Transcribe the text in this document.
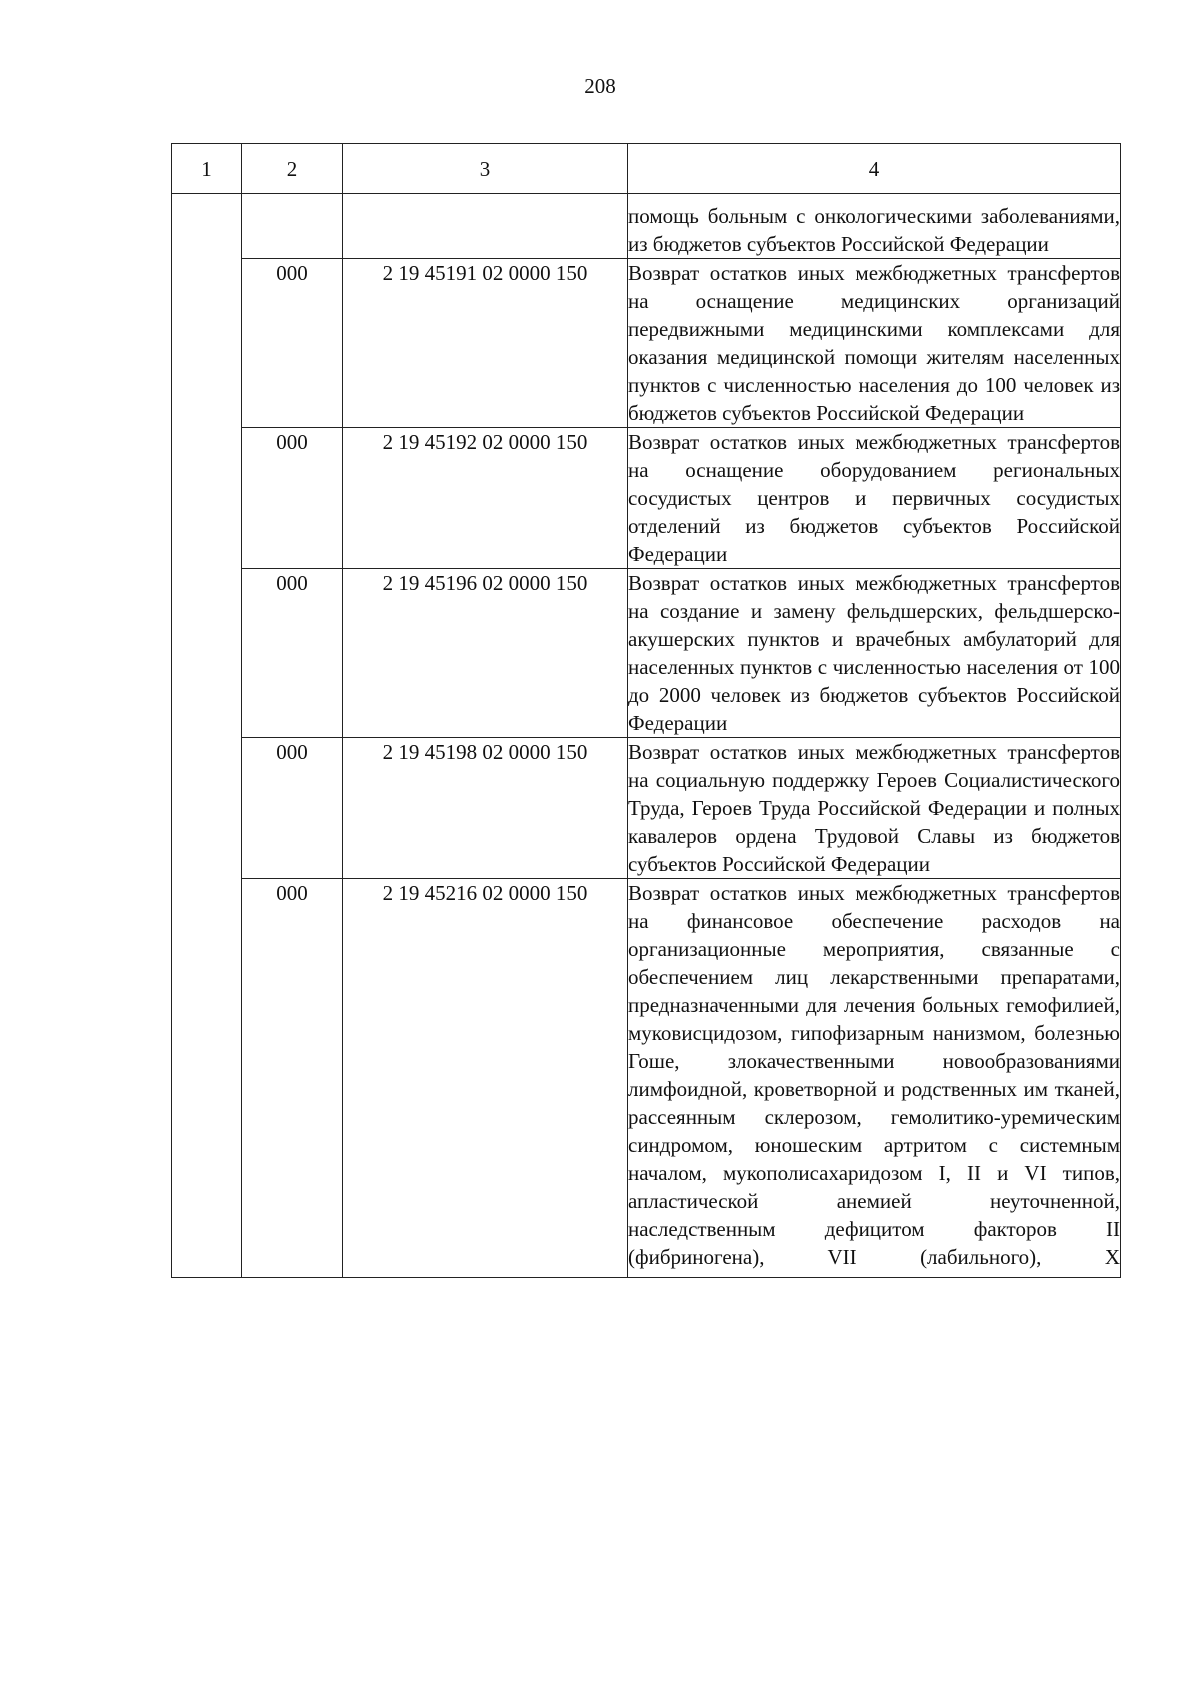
208
1	2	3	4
			помощь больным с онкологическими заболеваниями, из бюджетов субъектов Российской Федерации
	000	2 19 45191 02 0000 150	Возврат остатков иных межбюджетных трансфертов на оснащение медицинских организаций передвижными медицинскими комплексами для оказания медицинской помощи жителям населенных пунктов с численностью населения до 100 человек из бюджетов субъектов Российской Федерации
	000	2 19 45192 02 0000 150	Возврат остатков иных межбюджетных трансфертов на оснащение оборудованием региональных сосудистых центров и первичных сосудистых отделений из бюджетов субъектов Российской Федерации
	000	2 19 45196 02 0000 150	Возврат остатков иных межбюджетных трансфертов на создание и замену фельдшерских, фельдшерско-акушерских пунктов и врачебных амбулаторий для населенных пунктов с численностью населения от 100 до 2000 человек из бюджетов субъектов Российской Федерации
	000	2 19 45198 02 0000 150	Возврат остатков иных межбюджетных трансфертов на социальную поддержку Героев Социалистического Труда, Героев Труда Российской Федерации и полных кавалеров ордена Трудовой Славы из бюджетов субъектов Российской Федерации
	000	2 19 45216 02 0000 150	Возврат остатков иных межбюджетных трансфертов на финансовое обеспечение расходов на организационные мероприятия, связанные с обеспечением лиц лекарственными препаратами, предназначенными для лечения больных гемофилией, муковисцидозом, гипофизарным нанизмом, болезнью Гоше, злокачественными новообразованиями лимфоидной, кроветворной и родственных им тканей, рассеянным склерозом, гемолитико-уремическим синдромом, юношеским артритом с системным началом, мукополисахаридозом I, II и VI типов, апластической анемией неуточненной, наследственным дефицитом факторов II (фибриногена), VII (лабильного), X
